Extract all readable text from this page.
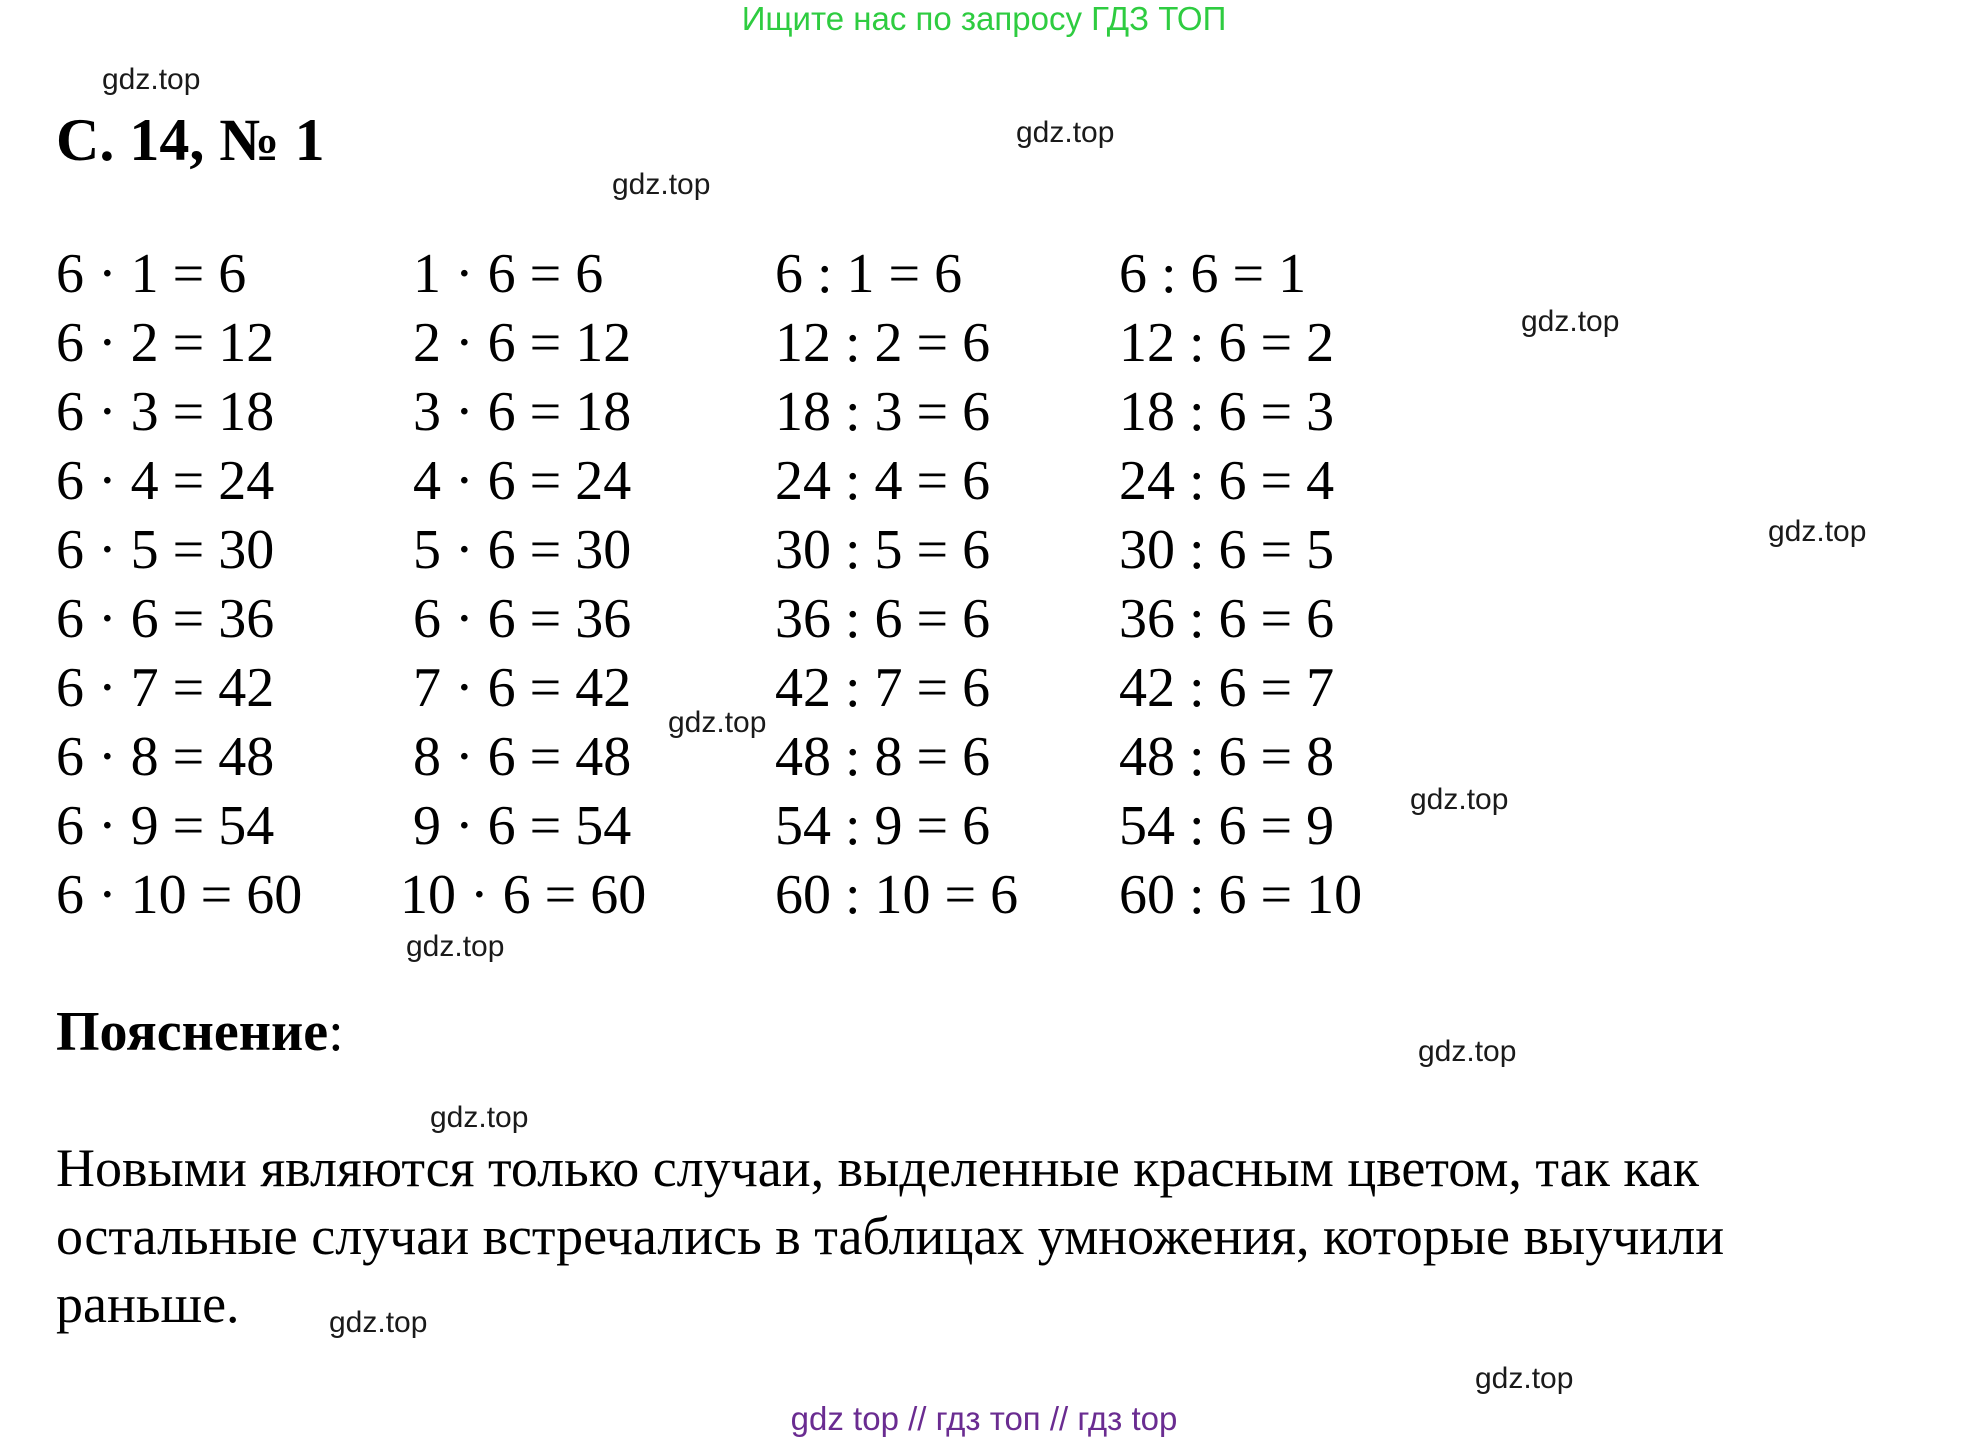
Ищите нас по запросу ГДЗ ТОП
С. 14, № 1
6 · 1 = 6
6 · 2 = 12
6 · 3 = 18
6 · 4 = 24
6 · 5 = 30
6 · 6 = 36
6 · 7 = 42
6 · 8 = 48
6 · 9 = 54
6 · 10 = 60
1 · 6 = 6
2 · 6 = 12
3 · 6 = 18
4 · 6 = 24
5 · 6 = 30
6 · 6 = 36
7 · 6 = 42
8 · 6 = 48
9 · 6 = 54
10 · 6 = 60
6 : 1 = 6
12 : 2 = 6
18 : 3 = 6
24 : 4 = 6
30 : 5 = 6
36 : 6 = 6
42 : 7 = 6
48 : 8 = 6
54 : 9 = 6
60 : 10 = 6
6 : 6 = 1
12 : 6 = 2
18 : 6 = 3
24 : 6 = 4
30 : 6 = 5
36 : 6 = 6
42 : 6 = 7
48 : 6 = 8
54 : 6 = 9
60 : 6 = 10
Пояснение:
Новыми являются только случаи, выделенные красным цветом, так как остальные случаи встречались в таблицах умножения, которые выучили раньше.
gdz.top
gdz.top
gdz.top
gdz.top
gdz.top
gdz.top
gdz.top
gdz.top
gdz.top
gdz.top
gdz.top
gdz.top
gdz top // гдз топ // гдз top
